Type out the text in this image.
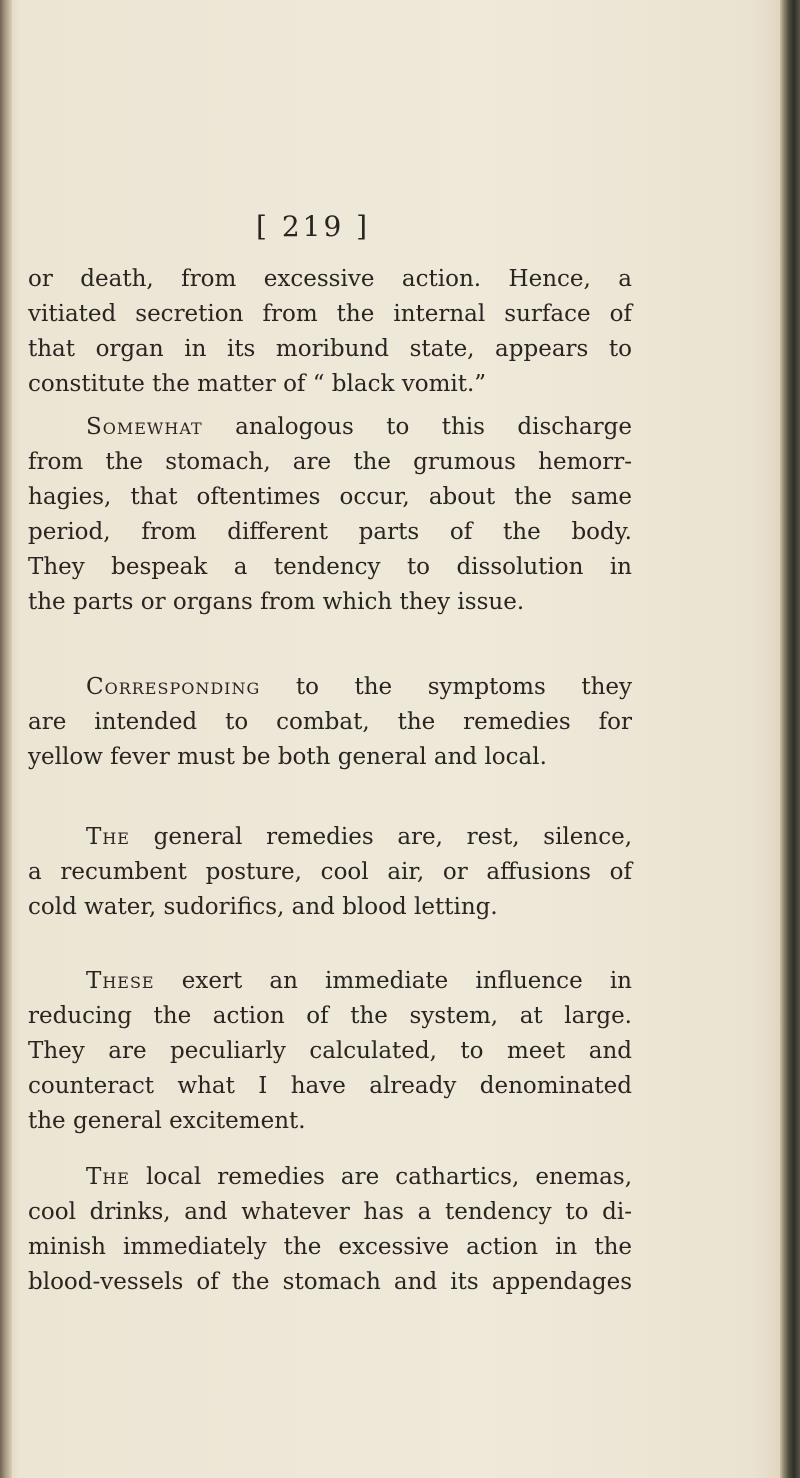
[ 219 ]
or death, from excessive action. Hence, a
vitiated secretion from the internal surface of
that organ in its moribund state, appears to
constitute the matter of “ black vomit.”
Somewhat analogous to this discharge
from the stomach, are the grumous hemorr-
hagies, that oftentimes occur, about the same
period, from different parts of the body.
They bespeak a tendency to dissolution in
the parts or organs from which they issue.
Corresponding to the symptoms they
are intended to combat, the remedies for
yellow fever must be both general and local.
The general remedies are, rest, silence,
a recumbent posture, cool air, or affusions of
cold water, sudorifics, and blood letting.
These exert an immediate influence in
reducing the action of the system, at large.
They are peculiarly calculated, to meet and
counteract what I have already denominated
the general excitement.
The local remedies are cathartics, enemas,
cool drinks, and whatever has a tendency to di-
minish immediately the excessive action in the
blood-vessels of the stomach and its appendages
